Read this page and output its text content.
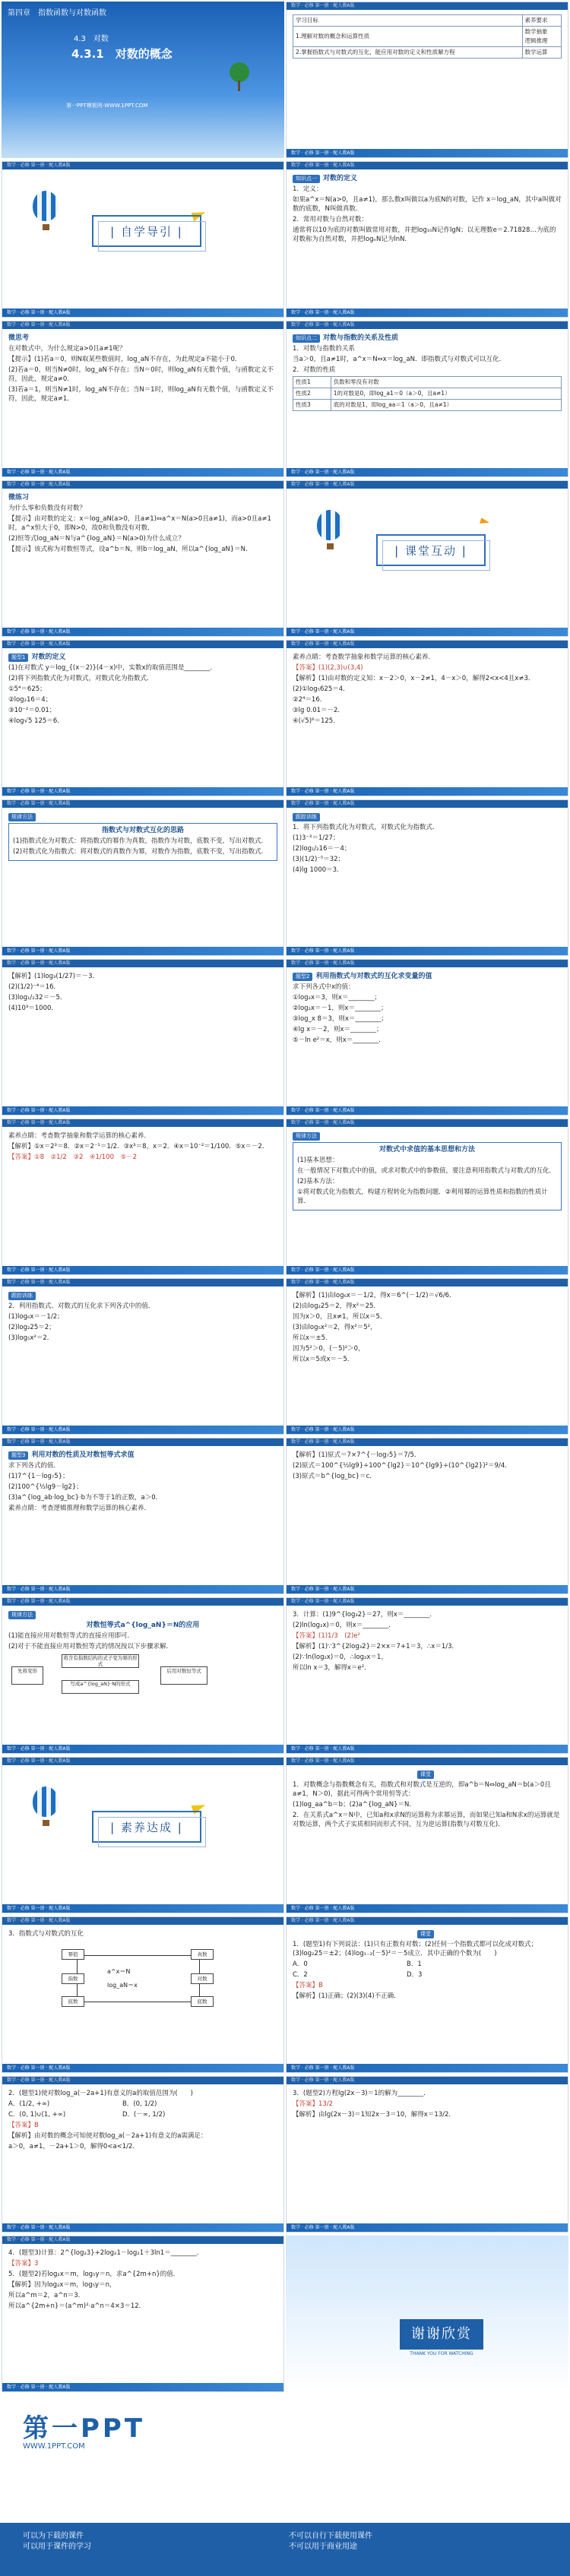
第四章　指数函数与对数函数
4.3　对数
4.3.1　对数的概念
第一PPT模板网-WWW.1PPT.COM
数学 · 必修 第一册 · 配人教A版
学习目标	素养要求
1.理解对数的概念和运算性质	数学抽象
逻辑推理
2.掌握指数式与对数式的互化，能应用对数的定义和性质解方程	数学运算
数学 · 必修 第一册 · 配人教A版
数学 · 必修 第一册 · 配人教A版
| 自学导引 |
数学 · 必修 第一册 · 配人教A版
数学 · 必修 第一册 · 配人教A版

知识点一 对数的定义

1．定义：

如果a^x＝N(a>0，且a≠1)，那么数x叫做以a为底N的对数，记作 x＝log_aN，其中a叫做对数的底数，N叫做真数．

2．常用对数与自然对数：

通常将以10为底的对数叫做常用对数，并把log₁₀N记作lgN；以无理数e＝2.71828…为底的对数称为自然对数，并把logₑN记为lnN．

数学 · 必修 第一册 · 配人教A版
数学 · 必修 第一册 · 配人教A版

微思考

在对数式中，为什么规定a>0且a≠1呢？

【提示】(1)若a＝0，则N取某些数值时，log_aN不存在，为此规定a不能小于0．

(2)若a＝0，则当N≠0时，log_aN不存在；当N＝0时，则log_aN有无数个值，与函数定义不符，因此，规定a≠0．

(3)若a＝1，则当N≠1时，log_aN不存在；当N＝1时，则log_aN有无数个值，与函数定义不符，因此，规定a≠1．

数学 · 必修 第一册 · 配人教A版
数学 · 必修 第一册 · 配人教A版

知识点二 对数与指数的关系及性质

1．对数与指数的关系

当a＞0，且a≠1时，a^x＝N⇔x＝log_aN．即指数式与对数式可以互化．

2．对数的性质

性质1	负数和零没有对数
性质2	1的对数是0，即log_a1＝0（a＞0，且a≠1）
性质3	底的对数是1，即log_aa＝1（a＞0，且a≠1）
数学 · 必修 第一册 · 配人教A版
数学 · 必修 第一册 · 配人教A版

微练习

为什么零和负数没有对数？

【提示】由对数的定义：x＝log_aN(a>0，且a≠1)⇔a^x＝N(a>0且a≠1)，而a>0且a≠1时，a^x恒大于0，即N>0，故0和负数没有对数．

(2)恒等式log_aN＝N与a^{log_aN}＝N(a>0)为什么成立？

【提示】该式称为对数恒等式，设a^b＝N，则b＝log_aN，所以a^{log_aN}＝N．

数学 · 必修 第一册 · 配人教A版
数学 · 必修 第一册 · 配人教A版
| 课堂互动 |
数学 · 必修 第一册 · 配人教A版
数学 · 必修 第一册 · 配人教A版

题型1 对数的定义

(1)在对数式 y＝log_{(x－2)}(4－x)中，实数x的取值范围是________．

(2)将下列指数式化为对数式，对数式化为指数式．

①5⁴＝625；

②log₂16＝4；

③10⁻²＝0.01；

④log√5 125＝6．

数学 · 必修 第一册 · 配人教A版
数学 · 必修 第一册 · 配人教A版

素养点睛：考查数学抽象和数学运算的核心素养．

【答案】(1)(2,3)∪(3,4)

【解析】(1)由对数的定义知：x－2＞0，x－2≠1，4－x＞0，解得2<x<4且x≠3．

(2)①log₅625＝4．

②2⁴＝16．

③lg 0.01＝－2．

④(√5)⁶＝125．

数学 · 必修 第一册 · 配人教A版
数学 · 必修 第一册 · 配人教A版

规律方法

指数式与对数式互化的思路

(1)指数式化为对数式：将指数式的幂作为真数，指数作为对数，底数不变，写出对数式．

(2)对数式化为指数式：将对数式的真数作为幂，对数作为指数，底数不变，写出指数式．

数学 · 必修 第一册 · 配人教A版
数学 · 必修 第一册 · 配人教A版

跟踪训练

1．将下列指数式化为对数式，对数式化为指数式．

(1)3⁻³＝1/27；

(2)log₁/₂16＝－4；

(3)(1/2)⁻⁵＝32；

(4)lg 1000＝3．

数学 · 必修 第一册 · 配人教A版
数学 · 必修 第一册 · 配人教A版

【解析】(1)log₃(1/27)＝－3．

(2)(1/2)⁻⁴＝16．

(3)log₁/₂32＝－5．

(4)10³＝1000．

数学 · 必修 第一册 · 配人教A版
数学 · 必修 第一册 · 配人教A版

题型2 利用指数式与对数式的互化求变量的值

求下列各式中x的值：

①log₂x＝3，则x＝________；

②log₂x＝－1，则x＝________；

③log_x 8＝3，则x＝________；

④lg x＝－2，则x＝________；

⑤－ln e²＝x，则x＝________．

数学 · 必修 第一册 · 配人教A版
数学 · 必修 第一册 · 配人教A版

素养点睛：考查数学抽象和数学运算的核心素养．

【解析】①x＝2³＝8．②x＝2⁻¹＝1/2．③x³＝8，x＝2．④x＝10⁻²＝1/100．⑤x＝－2．

【答案】①8　②1/2　③2　④1/100　⑤－2

数学 · 必修 第一册 · 配人教A版
数学 · 必修 第一册 · 配人教A版

规律方法

对数式中求值的基本思想和方法

(1)基本思想：

在一般情况下对数式中的值，或求对数式中的参数值，要注意利用指数式与对数式的互化．

(2)基本方法：

①将对数式化为指数式，构建方程转化为指数问题．②利用幂的运算性质和指数的性质计算．

数学 · 必修 第一册 · 配人教A版
数学 · 必修 第一册 · 配人教A版

跟踪训练

2．利用指数式、对数式的互化求下列各式中的值．

(1)log₆x＝－1/2；

(2)log₂25＝2；

(3)log₅x²＝2．

数学 · 必修 第一册 · 配人教A版
数学 · 必修 第一册 · 配人教A版

【解析】(1)由log₆x＝－1/2，得x＝6^(－1/2)＝√6/6．

(2)由log₂25＝2，得x²＝25．

因为x＞0，且x≠1，所以x＝5．

(3)由log₅x²＝2，得x²＝5²，

所以x＝±5．

因为5²＞0，(－5)²＞0，

所以x＝5或x＝－5．

数学 · 必修 第一册 · 配人教A版
数学 · 必修 第一册 · 配人教A版

题型3 利用对数的性质及对数恒等式求值

求下列各式的值．

(1)7^{1－log₇5}；

(2)100^{½lg9－lg2}；

(3)a^{log_ab·log_bc}·b为不等于1的正数，a＞0．

素养点睛：考查逻辑推理和数学运算的核心素养．

数学 · 必修 第一册 · 配人教A版
数学 · 必修 第一册 · 配人教A版

【解析】(1)原式＝7×7^{－log₇5}＝7/5．

(2)原式＝100^{½lg9}÷100^{lg2}＝10^{lg9}÷(10^{lg2})²＝9/4．

(3)原式＝b^{log_bc}＝c．

数学 · 必修 第一册 · 配人教A版
数学 · 必修 第一册 · 配人教A版

规律方法

对数恒等式a^{log_aN}＝N的应用

(1)能直接应用对数恒等式的直接应用即可．

(2)对于不能直接应用对数恒等式的情况按以下步骤求解．

先将变形
将含有指数结构的式子变为幂的形式
写成a^{log_aN}·N的形式
后用对数恒等式
数学 · 必修 第一册 · 配人教A版
数学 · 必修 第一册 · 配人教A版

3．计算：(1)9^{log₃2}＝27，则x＝________．

(2)ln(log₂x)＝0，则x＝________．

【答案】(1)1/3　(2)e²

【解析】(1)∵3^{2log₃2}＝2×x＝7+1＝3，∴x＝1/3．

(2)∵ln(log₂x)＝0，∴log₂x＝1，

所以ln x＝3，解得x＝e²．

数学 · 必修 第一册 · 配人教A版
数学 · 必修 第一册 · 配人教A版
| 素养达成 |
数学 · 必修 第一册 · 配人教A版
数学 · 必修 第一册 · 配人教A版

课堂

1．对数概念与指数概念有关，指数式和对数式是互逆的，即a^b＝N⇔log_aN＝b(a＞0且a≠1，N＞0)，据此可得两个常用恒等式：

(1)log_aa^b＝b；(2)a^{log_aN}＝N．

2．在关系式a^x＝N中，已知a和x求N的运算称为求幂运算，而如果已知a和N求x的运算就是对数运算，两个式子实质相同而形式不同，互为逆运算(指数与对数互化)．

数学 · 必修 第一册 · 配人教A版
数学 · 必修 第一册 · 配人教A版

3．指数式与对数式的互化

幂值	真数
指数	对数
底数	底数
a^x＝N
log_aN＝x
数学 · 必修 第一册 · 配人教A版
数学 · 必修 第一册 · 配人教A版

课堂

1．(题型1)有下列说法：(1)只有正数有对数；(2)任何一个指数式都可以化成对数式；(3)log₂25＝±2；(4)log₁₋₂(－5)²＝－5成立．其中正确的个数为(　　)

A．0	B．1

C．2	D．3

【答案】B

【解析】(1)正确；(2)(3)(4)不正确．

数学 · 必修 第一册 · 配人教A版
数学 · 必修 第一册 · 配人教A版

2．(题型1)使对数log_a(－2a+1)有意义的a的取值范围为(　　)

A．(1/2, +∞)	B．(0, 1/2)

C．(0, 1)∪(1, +∞)	D．(－∞, 1/2)

【答案】B

【解析】由对数的概念可知使对数log_a(－2a+1)有意义的a需满足：

a＞0，a≠1，－2a+1＞0，解得0<a<1/2．

数学 · 必修 第一册 · 配人教A版
数学 · 必修 第一册 · 配人教A版

3．(题型2)方程lg(2x－3)＝1的解为________．

【答案】13/2

【解析】由lg(2x－3)＝1知2x－3＝10，解得x＝13/2．

数学 · 必修 第一册 · 配人教A版
数学 · 必修 第一册 · 配人教A版

4．(题型3)计算：2^{log₂3}+2log₂1－log₂1＋3ln1＝________．

【答案】3

5．(题型2)若log₂x＝m，log₅y＝n，求a^{2m+n}的值．

【解析】因为log₂x＝m，log₅y＝n，

所以a^m＝2，a^n＝3．

所以a^{2m+n}＝(a^m)²·a^n＝4×3＝12．

数学 · 必修 第一册 · 配人教A版
谢谢欣赏
THANK YOU FOR WATCHING
第一PPT
WWW.1PPT.COM
可以为下载的课件	不可以自行下载使用课件
可以用于课件的学习	不可以用于商业用途
